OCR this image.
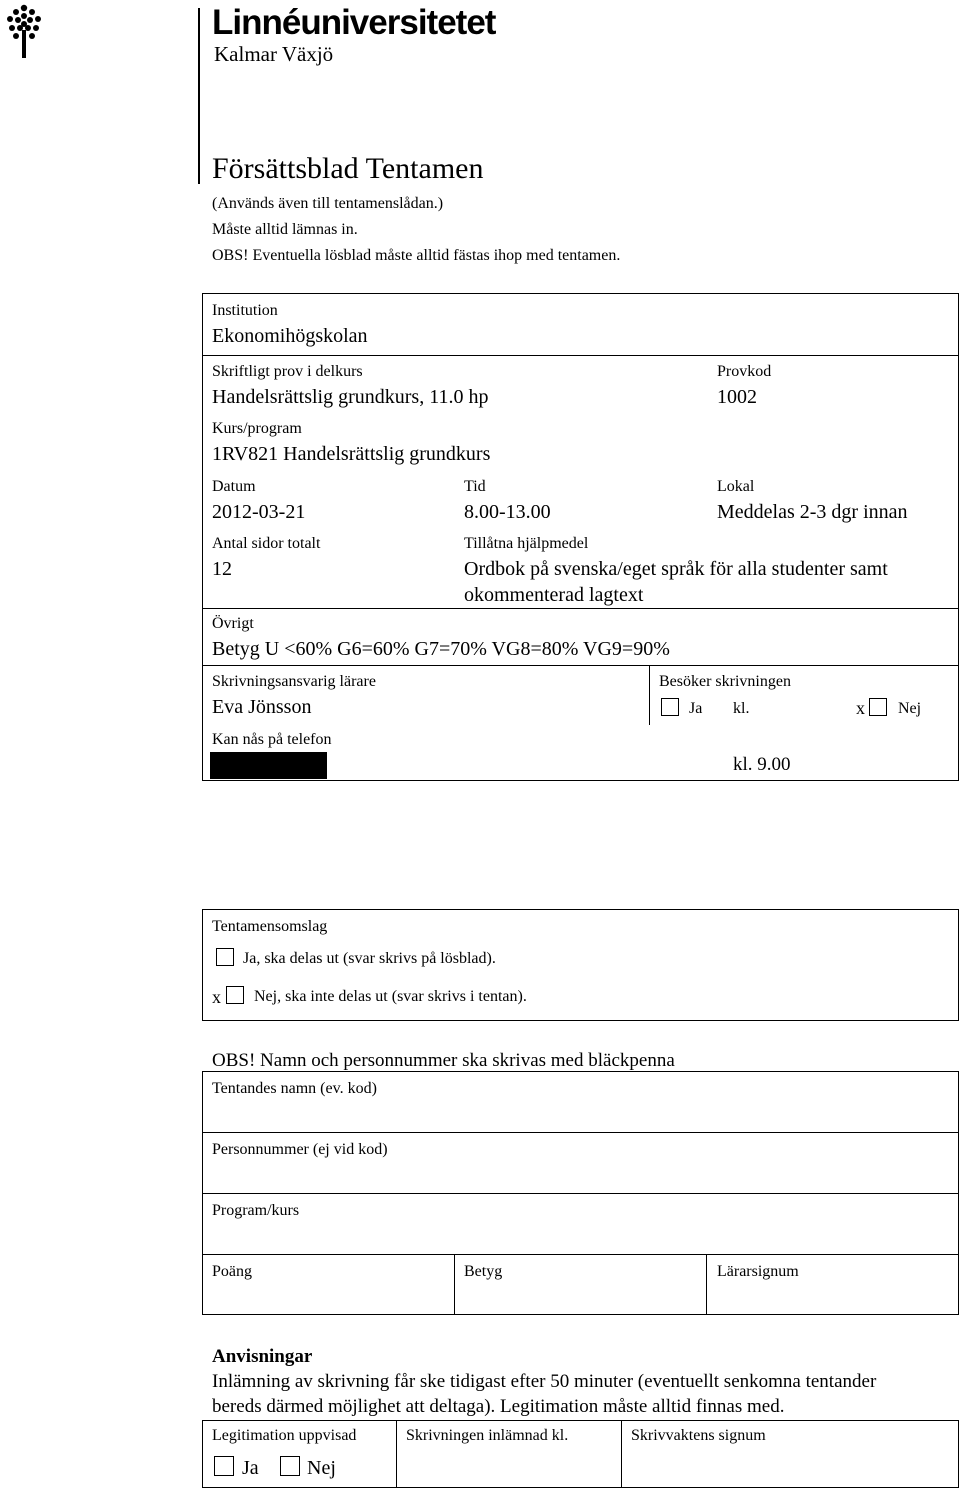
Linnéuniversitetet
Kalmar Växjö
Försättsblad Tentamen
(Används även till tentamenslådan.)
Måste alltid lämnas in.
OBS! Eventuella lösblad måste alltid fästas ihop med tentamen.
Institution
Ekonomihögskolan
Skriftligt prov i delkurs
Handelsrättslig grundkurs, 11.0 hp
Provkod
1002
Kurs/program
1RV821 Handelsrättslig grundkurs
Datum
2012-03-21
Tid
8.00-13.00
Lokal
Meddelas 2-3 dgr innan
Antal sidor totalt
12
Tillåtna hjälpmedel
Ordbok på svenska/eget språk för alla studenter samt
okommenterad lagtext
Övrigt
Betyg U <60% G6=60% G7=70% VG8=80% VG9=90%
Skrivningsansvarig lärare
Eva Jönsson
Besöker skrivningen
Ja kl.	x Nej
Kan nås på telefon
kl. 9.00
Tentamensomslag
Ja, ska delas ut (svar skrivs på lösblad).
x Nej, ska inte delas ut (svar skrivs i tentan).
OBS! Namn och personnummer ska skrivas med bläckpenna
Tentandes namn (ev. kod)
Personnummer (ej vid kod)
Program/kurs
Poäng	Betyg	Lärarsignum
Anvisningar
Inlämning av skrivning får ske tidigast efter 50 minuter (eventuellt senkomna tentander
bereds därmed möjlighet att deltaga). Legitimation måste alltid finnas med.
Legitimation uppvisad
Ja Nej
Skrivningen inlämnad kl.	Skrivvaktens signum
